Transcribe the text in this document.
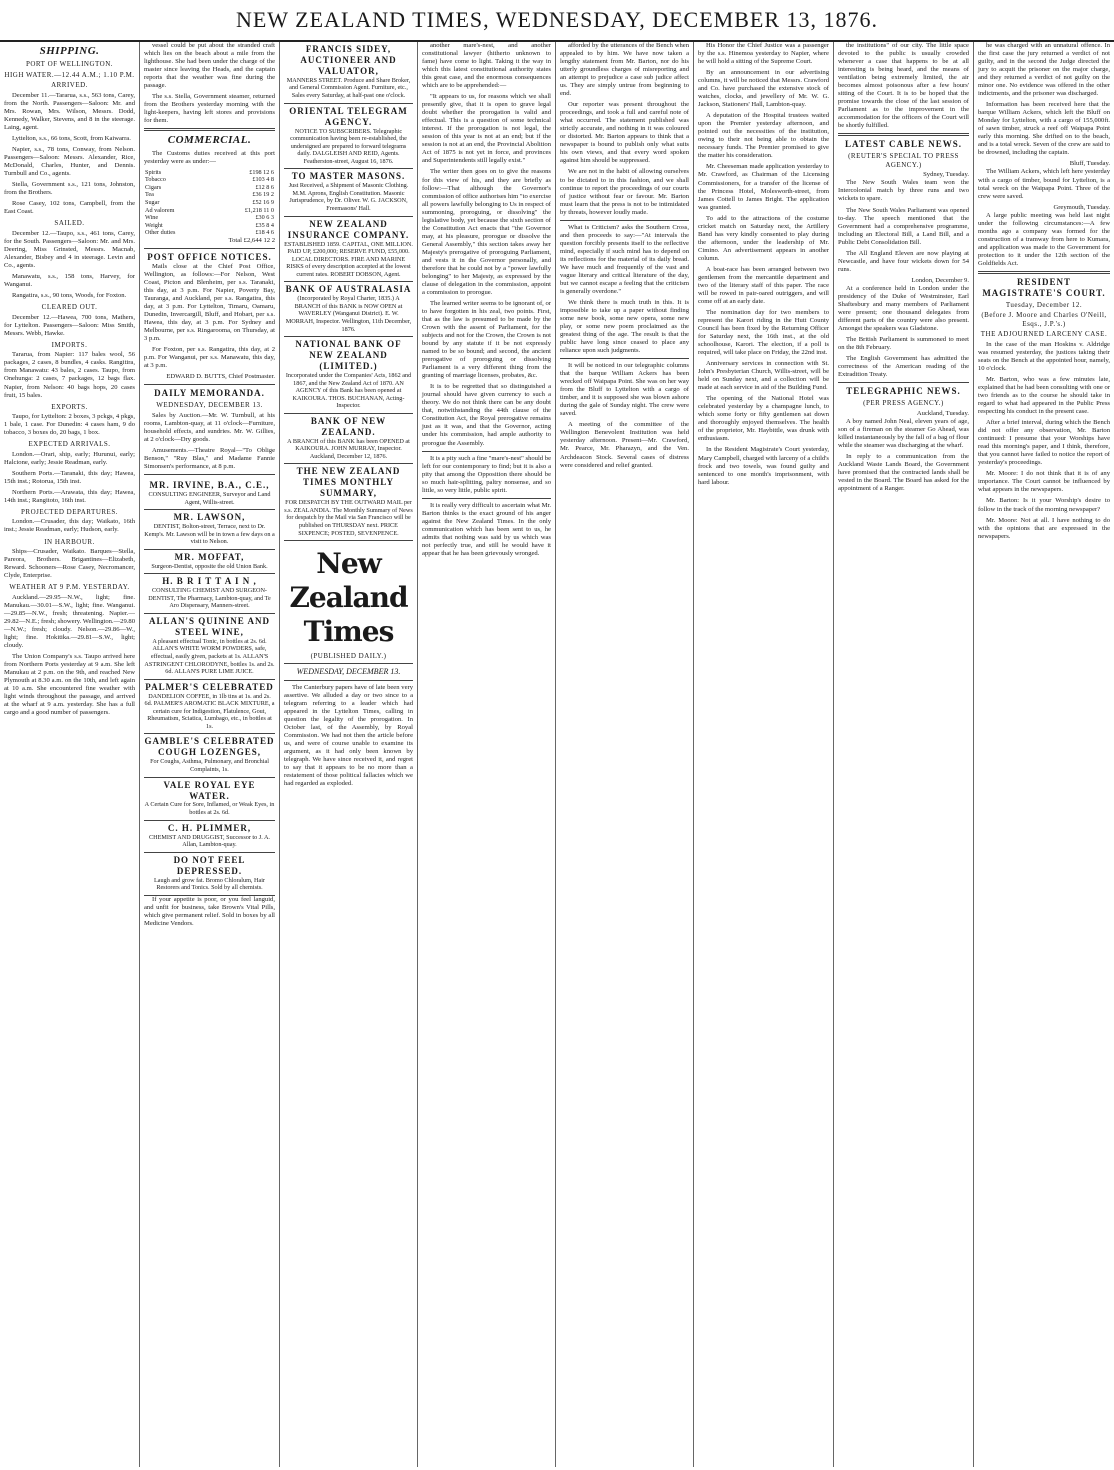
NEW ZEALAND TIMES, WEDNESDAY, DECEMBER 13, 1876.
SHIPPING.
PORT OF WELLINGTON.
HIGH WATER.—12.44 A.M.; 1.10 P.M.
ARRIVED.

December 11.—Tararua, s.s., 563 tons, Carey, from the North. Passengers—Saloon: Mr. and Mrs. Rowan, Mrs. Wilson, Messrs. Dodd, Kennedy, Walker, Stevens, and 8 in the steerage. Laing, agent.

Lyttelton, s.s., 66 tons, Scott, from Kaiwarra.

Napier, s.s., 78 tons, Conway, from Nelson. Passengers—Saloon: Messrs. Alexander, Rice, McDonald, Charles, Hunter, and Dennis. Turnbull and Co., agents.

Stella, Government s.s., 121 tons, Johnston, from the Brothers.

Rose Casey, 102 tons, Campbell, from the East Coast.

SAILED.

December 12.—Taupo, s.s., 461 tons, Carey, for the South. Passengers—Saloon: Mr. and Mrs. Deering, Miss Grinsted, Messrs. Macnab, Alexander, Bisbey and 4 in steerage. Levin and Co., agents.

Manawatu, s.s., 158 tons, Harvey, for Wanganui.

Rangatira, s.s., 90 tons, Woods, for Foxton.

CLEARED OUT.

December 12.—Hawea, 700 tons, Mathers, for Lyttelton. Passengers—Saloon: Miss Smith, Messrs. Webb, Hawke.

IMPORTS.

Tararua, from Napier: 117 bales wool, 56 packages, 2 cases, 8 bundles, 4 casks. Rangitira, from Manawatu: 43 bales, 2 cases. Taupo, from Onehunga: 2 cases, 7 packages, 12 bags flax. Napier, from Nelson: 40 bags hops, 20 cases fruit, 15 bales.

EXPORTS.

Taupo, for Lyttelton: 2 boxes, 3 pckgs, 4 pkgs, 1 bale, 1 case. For Dunedin: 4 cases ham, 9 do tobacco, 3 boxes do, 20 bags, 1 box.

EXPECTED ARRIVALS.

London.—Orari, ship, early; Hurunui, early; Halcione, early; Jessie Readman, early.

Southern Ports.—Taranaki, this day; Hawea, 15th inst.; Rotorua, 15th inst.

Northern Ports.—Arawata, this day; Hawea, 14th inst.; Rangitoto, 16th inst.

PROJECTED DEPARTURES.

London.—Crusader, this day; Waikato, 16th inst.; Jessie Readman, early; Hudson, early.

IN HARBOUR.

Ships—Crusader, Waikato. Barques—Stella, Pareora, Brothers. Brigantines—Elizabeth, Reward. Schooners—Rose Casey, Necromancer, Clyde, Enterprise.

WEATHER AT 9 P.M. YESTERDAY.

Auckland.—29.95—N.W., light; fine. Manukau.—30.01—S.W., light; fine. Wanganui.—29.85—N.W., fresh; threatening. Napier.—29.82—N.E.; fresh; showery. Wellington.—29.80—N.W.; fresh; cloudy. Nelson.—29.86—W., light; fine. Hokitika.—29.81—S.W., light; cloudy.

The Union Company's s.s. Taupo arrived here from Northern Ports yesterday at 9 a.m. She left Manukau at 2 p.m. on the 9th, and reached New Plymouth at 8.30 a.m. on the 10th, and left again at 10 a.m. She encountered fine weather with light winds throughout the passage, and arrived at the wharf at 9 a.m. yesterday. She has a full cargo and a good number of passengers.

vessel could be put about the stranded craft which lies on the beach about a mile from the lighthouse. She had been under the charge of the master since leaving the Heads, and the captain reports that the weather was fine during the passage.

The s.s. Stella, Government steamer, returned from the Brothers yesterday morning with the light-keepers, having left stores and provisions for them.

COMMERCIAL.

The Customs duties received at this port yesterday were as under:—

Spirits	£198 12 6
Tobacco	£103 4 8
Cigars	£12 8 6
Tea	£36 19 2
Sugar	£52 16 9
Ad valorem	£1,218 11 0
Wine	£30 6 3
Weight	£35 8 4
Other duties	£18 4 6
Total £2,644 12 2
POST OFFICE NOTICES.

Mails close at the Chief Post Office, Wellington, as follows:—For Nelson, West Coast, Picton and Blenheim, per s.s. Taranaki, this day, at 3 p.m. For Napier, Poverty Bay, Tauranga, and Auckland, per s.s. Rangatira, this day, at 3 p.m. For Lyttelton, Timaru, Oamaru, Dunedin, Invercargill, Bluff, and Hobart, per s.s. Hawea, this day, at 3 p.m. For Sydney and Melbourne, per s.s. Ringarooma, on Thursday, at 3 p.m.

For Foxton, per s.s. Rangatira, this day, at 2 p.m. For Wanganui, per s.s. Manawatu, this day, at 3 p.m.

EDWARD D. BUTTS, Chief Postmaster.
DAILY MEMORANDA.
WEDNESDAY, DECEMBER 13.

Sales by Auction.—Mr. W. Turnbull, at his rooms, Lambton-quay, at 11 o'clock—Furniture, household effects, and sundries. Mr. W. Gillies, at 2 o'clock—Dry goods.

Amusements.—Theatre Royal—"To Oblige Benson," "Ruy Blas," and Madame Fannie Simonsen's performance, at 8 p.m.

MR. IRVINE, B.A., C.E.,
CONSULTING ENGINEER, Surveyor and Land Agent, Willis-street.
MR. LAWSON,
DENTIST, Bolton-street, Terrace, next to Dr. Kemp's. Mr. Lawson will be in town a few days on a visit to Nelson.
MR. MOFFAT,
Surgeon-Dentist, opposite the old Union Bank.
H. B R I T T A I N ,
CONSULTING CHEMIST AND SURGEON-DENTIST, The Pharmacy, Lambton-quay, and Te Aro Dispensary, Manners-street.
ALLAN'S QUININE AND STEEL WINE,
A pleasant effectual Tonic, in bottles at 2s. 6d. ALLAN'S WHITE WORM POWDERS, safe, effectual, easily given, packets at 1s. ALLAN'S ASTRINGENT CHLORODYNE, bottles 1s. and 2s. 6d. ALLAN'S PURE LIME JUICE.
PALMER'S CELEBRATED
DANDELION COFFEE, in 1lb tins at 1s. and 2s. 6d. PALMER'S AROMATIC BLACK MIXTURE, a certain cure for Indigestion, Flatulence, Gout, Rheumatism, Sciatica, Lumbago, etc., in bottles at 1s.
GAMBLE'S CELEBRATED COUGH LOZENGES,
For Coughs, Asthma, Pulmonary, and Bronchial Complaints, 1s.
VALE ROYAL EYE WATER.
A Certain Cure for Sore, Inflamed, or Weak Eyes, in bottles at 2s. 6d.
C. H. PLIMMER,
CHEMIST AND DRUGGIST, Successor to J. A. Allan, Lambton-quay.
DO NOT FEEL DEPRESSED.
Laugh and grow fat. Bromo Chloralum, Hair Restorers and Tonics. Sold by all chemists.

If your appetite is poor, or you feel languid, and unfit for business, take Brown's Vital Pills, which give permanent relief. Sold in boxes by all Medicine Vendors.

FRANCIS SIDEY, AUCTIONEER AND VALUATOR,
MANNERS STREET. Produce and Share Broker, and General Commission Agent. Furniture, etc., Sales every Saturday, at half-past one o'clock.
ORIENTAL TELEGRAM AGENCY.
NOTICE TO SUBSCRIBERS. Telegraphic communication having been re-established, the undersigned are prepared to forward telegrams daily. DALGLEISH AND REID, Agents. Featherston-street, August 16, 1876.
TO MASTER MASONS.
Just Received, a Shipment of Masonic Clothing. M.M. Aprons, English Constitution. Masonic Jurisprudence, by Dr. Oliver. W. G. JACKSON, Freemasons' Hall.
NEW ZEALAND INSURANCE COMPANY.
ESTABLISHED 1859. CAPITAL, ONE MILLION. PAID UP, £200,000; RESERVE FUND, £55,000. LOCAL DIRECTORS. FIRE AND MARINE RISKS of every description accepted at the lowest current rates. ROBERT DOBSON, Agent.
BANK OF AUSTRALASIA
(Incorporated by Royal Charter, 1835.) A BRANCH of this BANK is NOW OPEN at WAVERLEY (Wanganui District). E. W. MORRAH, Inspector. Wellington, 11th December, 1876.
NATIONAL BANK OF NEW ZEALAND (LIMITED.)
Incorporated under the Companies' Acts, 1862 and 1867, and the New Zealand Act of 1870. AN AGENCY of this Bank has been opened at KAIKOURA. THOS. BUCHANAN, Acting-Inspector.
BANK OF NEW ZEALAND.
A BRANCH of this BANK has been OPENED at KAIKOURA. JOHN MURRAY, Inspector. Auckland, December 12, 1876.
THE NEW ZEALAND TIMES MONTHLY SUMMARY,
FOR DESPATCH BY THE OUTWARD MAIL per s.s. ZEALANDIA. The Monthly Summary of News for despatch by the Mail via San Francisco will be published on THURSDAY next. PRICE SIXPENCE; POSTED, SEVENPENCE.
New Zealand Times
(PUBLISHED DAILY.)
WEDNESDAY, DECEMBER 13.

The Canterbury papers have of late been very assertive. We alluded a day or two since to a telegram referring to a leader which had appeared in the Lyttelton Times, calling in question the legality of the prorogation. In October last, of the Assembly, by Royal Commission. We had not then the article before us, and were of course unable to examine its argument, as it had only been known by telegraph. We have since received it, and regret to say that it appears to be no more than a restatement of those political fallacies which we had regarded as exploded.

another mare's-nest, and another constitutional lawyer (hitherto unknown to fame) have come to light. Taking it the way in which this latest constitutional authority states this great case, and the enormous consequences which are to be apprehended:—

"It appears to us, for reasons which we shall presently give, that it is open to grave legal doubt whether the prorogation is valid and effectual. This is a question of some technical interest. If the prorogation is not legal, the session of this year is not at an end; but if the session is not at an end, the Provincial Abolition Act of 1875 is not yet in force, and provinces and Superintendents still legally exist."

The writer then goes on to give the reasons for this view of his, and they are briefly as follow:—That although the Governor's commission of office authorises him "to exercise all powers lawfully belonging to Us in respect of summoning, proroguing, or dissolving" the legislative body, yet because the sixth section of the Constitution Act enacts that "the Governor may, at his pleasure, prorogue or dissolve the General Assembly," this section takes away her Majesty's prerogative of proroguing Parliament, and vests it in the Governor personally, and therefore that he could not by a "power lawfully belonging" to her Majesty, as expressed by the clause of delegation in the commission, appoint a commission to prorogue.

The learned writer seems to be ignorant of, or to have forgotten in his zeal, two points. First, that as the law is presumed to be made by the Crown with the assent of Parliament, for the subjects and not for the Crown, the Crown is not bound by any statute if it be not expressly named to be so bound; and second, the ancient prerogative of proroguing or dissolving Parliament is a very different thing from the granting of marriage licenses, probates, &c.

It is to be regretted that so distinguished a journal should have given currency to such a theory. We do not think there can be any doubt that, notwithstanding the 44th clause of the Constitution Act, the Royal prerogative remains just as it was, and that the Governor, acting under his commission, had ample authority to prorogue the Assembly.

It is a pity such a fine "mare's-nest" should be left for our contemporary to find; but it is also a pity that among the Opposition there should be so much hair-splitting, paltry nonsense, and so little, so very little, public spirit.

It is really very difficult to ascertain what Mr. Barton thinks is the exact ground of his anger against the New Zealand Times. In the only communication which has been sent to us, he admits that nothing was said by us which was not perfectly true, and still he would have it appear that he has been grievously wronged.

afforded by the utterances of the Bench when appealed to by him. We have now taken a lengthy statement from Mr. Barton, nor do his utterly groundless charges of misreporting and an attempt to prejudice a case sub judice affect us. They are simply untrue from beginning to end.

Our reporter was present throughout the proceedings, and took a full and careful note of what occurred. The statement published was strictly accurate, and nothing in it was coloured or distorted. Mr. Barton appears to think that a newspaper is bound to publish only what suits his own views, and that every word spoken against him should be suppressed.

We are not in the habit of allowing ourselves to be dictated to in this fashion, and we shall continue to report the proceedings of our courts of justice without fear or favour. Mr. Barton must learn that the press is not to be intimidated by threats, however loudly made.

What is Criticism? asks the Southern Cross, and then proceeds to say:—"At intervals the question forcibly presents itself to the reflective mind, especially if such mind has to depend on its reflections for the material of its daily bread. We have much and frequently of the vast and vague literary and critical literature of the day, but we cannot escape a feeling that the criticism is generally overdone."

We think there is much truth in this. It is impossible to take up a paper without finding some new book, some new opera, some new play, or some new poem proclaimed as the greatest thing of the age. The result is that the public have long since ceased to place any reliance upon such judgments.

It will be noticed in our telegraphic columns that the barque William Ackers has been wrecked off Waipapa Point. She was on her way from the Bluff to Lyttelton with a cargo of timber, and it is supposed she was blown ashore during the gale of Sunday night. The crew were saved.

A meeting of the committee of the Wellington Benevolent Institution was held yesterday afternoon. Present—Mr. Crawford, Mr. Pearce, Mr. Pharazyn, and the Ven. Archdeacon Stock. Several cases of distress were considered and relief granted.

His Honor the Chief Justice was a passenger by the s.s. Hinemoa yesterday to Napier, where he will hold a sitting of the Supreme Court.

By an announcement in our advertising columns, it will be noticed that Messrs. Crawford and Co. have purchased the extensive stock of watches, clocks, and jewellery of Mr. W. G. Jackson, Stationers' Hall, Lambton-quay.

A deputation of the Hospital trustees waited upon the Premier yesterday afternoon, and pointed out the necessities of the institution, owing to their not being able to obtain the necessary funds. The Premier promised to give the matter his consideration.

Mr. Cheeseman made application yesterday to Mr. Crawford, as Chairman of the Licensing Commissioners, for a transfer of the license of the Princess Hotel, Molesworth-street, from James Cottell to James Bright. The application was granted.

To add to the attractions of the costume cricket match on Saturday next, the Artillery Band has very kindly consented to play during the afternoon, under the leadership of Mr. Cimino. An advertisement appears in another column.

A boat-race has been arranged between two gentlemen from the mercantile department and two of the literary staff of this paper. The race will be rowed in pair-oared outriggers, and will come off at an early date.

The nomination day for two members to represent the Karori riding in the Hutt County Council has been fixed by the Returning Officer for Saturday next, the 16th inst., at the old schoolhouse, Karori. The election, if a poll is required, will take place on Friday, the 22nd inst.

Anniversary services in connection with St. John's Presbyterian Church, Willis-street, will be held on Sunday next, and a collection will be made at each service in aid of the Building Fund.

The opening of the National Hotel was celebrated yesterday by a champagne lunch, to which some forty or fifty gentlemen sat down and thoroughly enjoyed themselves. The health of the proprietor, Mr. Haybittle, was drunk with enthusiasm.

In the Resident Magistrate's Court yesterday, Mary Campbell, charged with larceny of a child's frock and two towels, was found guilty and sentenced to one month's imprisonment, with hard labour.

the institutions" of our city. The little space devoted to the public is usually crowded whenever a case that happens to be at all interesting is being heard, and the means of ventilation being extremely limited, the air becomes almost poisonous after a few hours' sitting of the Court. It is to be hoped that the promise towards the close of the last session of Parliament as to the improvement in the accommodation for the officers of the Court will be shortly fulfilled.

LATEST CABLE NEWS.
(REUTER'S SPECIAL TO PRESS AGENCY.)
Sydney, Tuesday.

The New South Wales team won the Intercolonial match by three runs and two wickets to spare.

The New South Wales Parliament was opened to-day. The speech mentioned that the Government had a comprehensive programme, including an Electoral Bill, a Land Bill, and a Public Debt Consolidation Bill.

The All England Eleven are now playing at Newcastle, and have four wickets down for 54 runs.

London, December 9.

At a conference held in London under the presidency of the Duke of Westminster, Earl Shaftesbury and many members of Parliament were present; one thousand delegates from different parts of the country were also present. Amongst the speakers was Gladstone.

The British Parliament is summoned to meet on the 8th February.

The English Government has admitted the correctness of the American reading of the Extradition Treaty.

TELEGRAPHIC NEWS.
(PER PRESS AGENCY.)
Auckland, Tuesday.

A boy named John Neal, eleven years of age, son of a fireman on the steamer Go Ahead, was killed instantaneously by the fall of a bag of flour while the steamer was discharging at the wharf.

In reply to a communication from the Auckland Waste Lands Board, the Government have promised that the contracted lands shall be vested in the Board. The Board has asked for the appointment of a Ranger.

he was charged with an unnatural offence. In the first case the jury returned a verdict of not guilty, and in the second the Judge directed the jury to acquit the prisoner on the major charge, and they returned a verdict of not guilty on the minor one. No evidence was offered in the other indictments, and the prisoner was discharged.

Information has been received here that the barque William Ackers, which left the Bluff on Monday for Lyttelton, with a cargo of 155,000ft. of sawn timber, struck a reef off Waipapa Point early this morning. She drifted on to the beach, and is a total wreck. Seven of the crew are said to be drowned, including the captain.

Bluff, Tuesday.

The William Ackers, which left here yesterday with a cargo of timber, bound for Lyttelton, is a total wreck on the Waipapa Point. Three of the crew were saved.

Greymouth, Tuesday.

A large public meeting was held last night under the following circumstances:—A few months ago a company was formed for the construction of a tramway from here to Kumara, and application was made to the Government for protection to it under the 12th section of the Goldfields Act.

RESIDENT MAGISTRATE'S COURT.
Tuesday, December 12.
(Before J. Moore and Charles O'Neill, Esqs., J.P.'s.)
THE ADJOURNED LARCENY CASE.

In the case of the man Hoskins v. Aldridge was resumed yesterday, the justices taking their seats on the Bench at the appointed hour, namely, 10 o'clock.

Mr. Barton, who was a few minutes late, explained that he had been consulting with one or two friends as to the course he should take in regard to what had appeared in the Public Press respecting his conduct in the present case.

After a brief interval, during which the Bench did not offer any observation, Mr. Barton continued: I presume that your Worships have read this morning's paper, and I think, therefore, that you cannot have failed to notice the report of yesterday's proceedings.

Mr. Moore: I do not think that it is of any importance. The Court cannot be influenced by what appears in the newspapers.

Mr. Barton: Is it your Worship's desire to follow in the track of the morning newspaper?

Mr. Moore: Not at all. I have nothing to do with the opinions that are expressed in the newspapers.
